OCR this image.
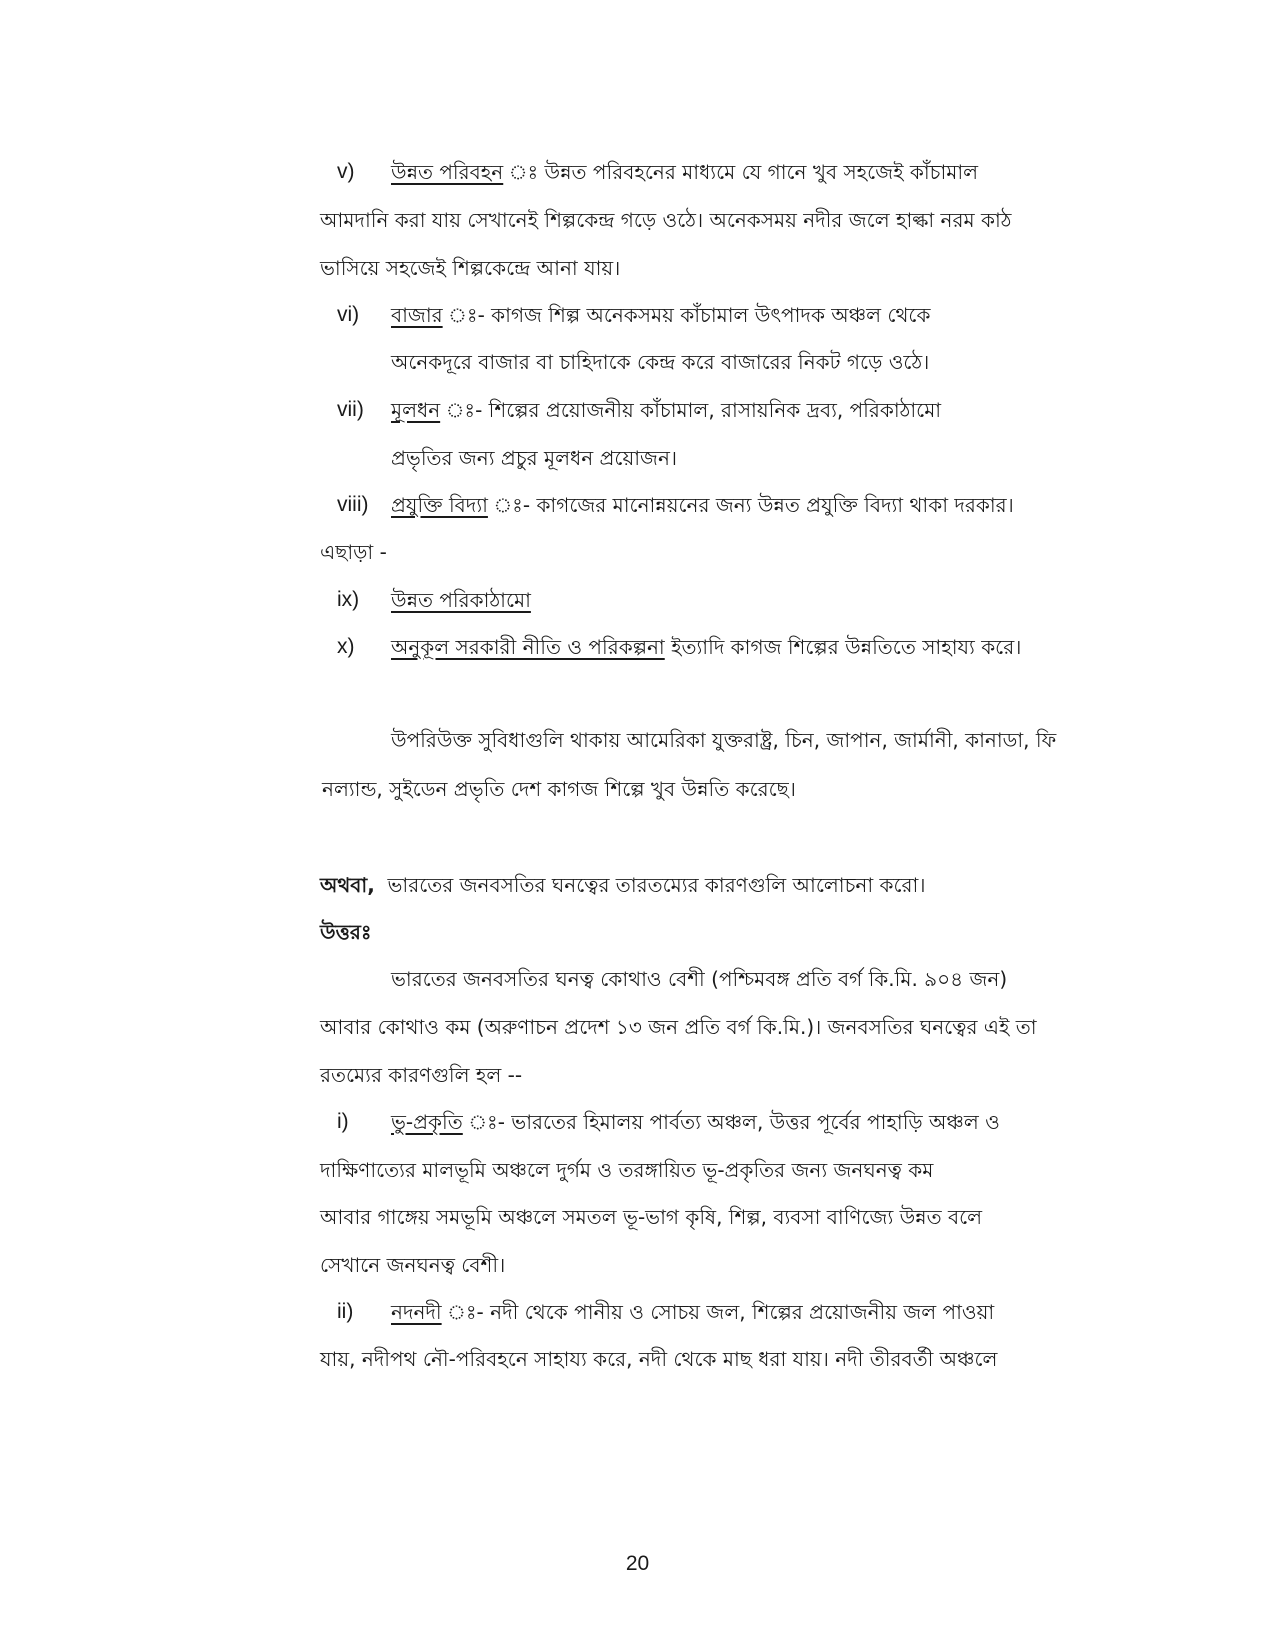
v) উন্নত পরিবহন ঃ উন্নত পরিবহনের মাধ্যমে যে গানে খুব সহজেই কাঁচামাল
আমদানি করা যায় সেখানেই শিল্পকেন্দ্র গড়ে ওঠে। অনেকসময় নদীর জলে হাল্কা নরম কাঠ
ভাসিয়ে সহজেই শিল্পকেন্দ্রে আনা যায়।
vi) বাজার ঃ- কাগজ শিল্প অনেকসময় কাঁচামাল উৎপাদক অঞ্চল থেকে
অনেকদূরে বাজার বা চাহিদাকে কেন্দ্র করে বাজারের নিকট গড়ে ওঠে।
vii) মূলধন ঃ- শিল্পের প্রয়োজনীয় কাঁচামাল, রাসায়নিক দ্রব্য, পরিকাঠামো
প্রভৃতির জন্য প্রচুর মূলধন প্রয়োজন।
viii) প্রযুক্তি বিদ্যা ঃ- কাগজের মানোন্নয়নের জন্য উন্নত প্রযুক্তি বিদ্যা থাকা দরকার।
এছাড়া -
ix) উন্নত পরিকাঠামো
x) অনুকূল সরকারী নীতি ও পরিকল্পনা ইত্যাদি কাগজ শিল্পের উন্নতিতে সাহায্য করে।
উপরিউক্ত সুবিধাগুলি থাকায় আমেরিকা যুক্তরাষ্ট্র, চিন, জাপান, জার্মানী, কানাডা, ফি
নল্যান্ড, সুইডেন প্রভৃতি দেশ কাগজ শিল্পে খুব উন্নতি করেছে।
অথবা, ভারতের জনবসতির ঘনত্বের তারতম্যের কারণগুলি আলোচনা করো।
উত্তরঃ
ভারতের জনবসতির ঘনত্ব কোথাও বেশী (পশ্চিমবঙ্গ প্রতি বর্গ কি.মি. ৯০৪ জন)
আবার কোথাও কম (অরুণাচন প্রদেশ ১৩ জন প্রতি বর্গ কি.মি.)। জনবসতির ঘনত্বের এই তা
রতম্যের কারণগুলি হল --
i) ভু-প্রকৃতি ঃ- ভারতের হিমালয় পার্বত্য অঞ্চল, উত্তর পূর্বের পাহাড়ি অঞ্চল ও
দাক্ষিণাত্যের মালভূমি অঞ্চলে দুর্গম ও তরঙ্গায়িত ভূ-প্রকৃতির জন্য জনঘনত্ব কম
আবার গাঙ্গেয় সমভূমি অঞ্চলে সমতল ভূ-ভাগ কৃষি, শিল্প, ব্যবসা বাণিজ্যে উন্নত বলে
সেখানে জনঘনত্ব বেশী।
ii) নদনদী ঃ- নদী থেকে পানীয় ও সোচয় জল, শিল্পের প্রয়োজনীয় জল পাওয়া
যায়, নদীপথ নৌ-পরিবহনে সাহায্য করে, নদী থেকে মাছ ধরা যায়। নদী তীরবর্তী অঞ্চলে
20
